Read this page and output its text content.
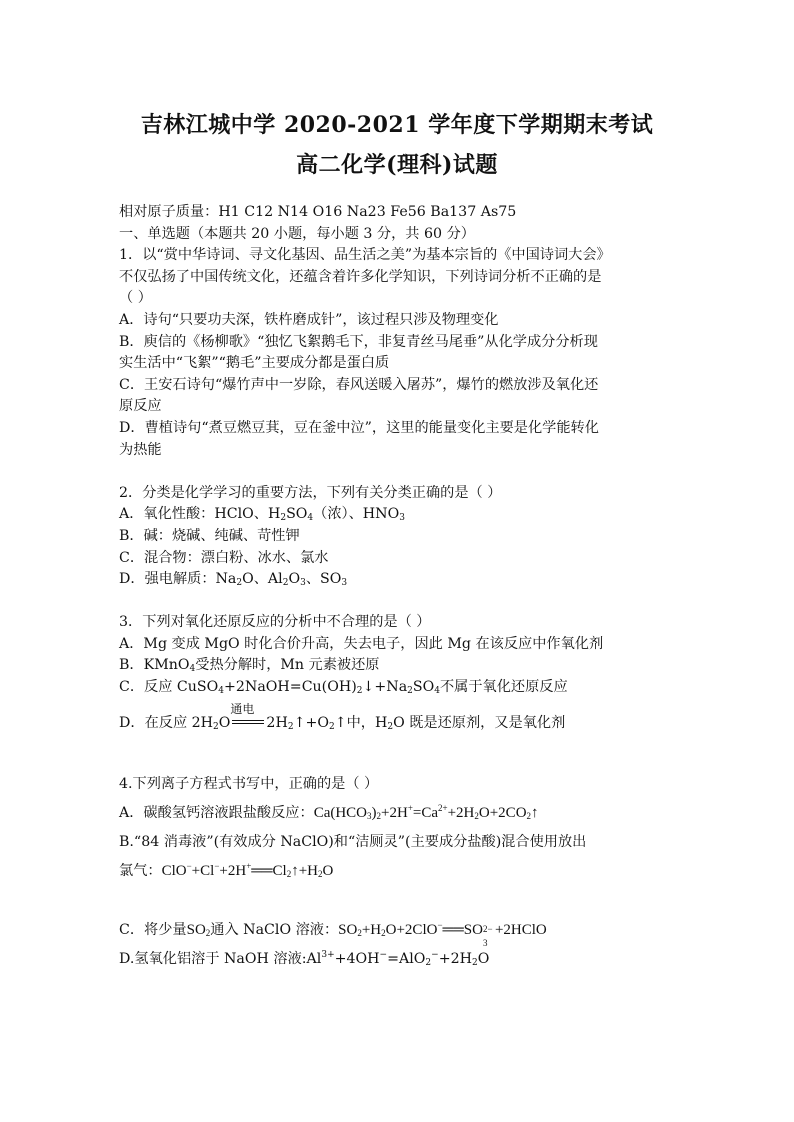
吉林江城中学 2020-2021 学年度下学期期末考试
高二化学(理科)试题
相对原子质量：H1 C12 N14 O16 Na23 Fe56 Ba137 As75
一、单选题（本题共 20 小题，每小题 3 分，共 60 分）
1．以“赏中华诗词、寻文化基因、品生活之美”为基本宗旨的《中国诗词大会》
不仅弘扬了中国传统文化，还蕴含着许多化学知识，下列诗词分析不正确的是
（ ）
A．诗句“只要功夫深，铁杵磨成针”，该过程只涉及物理变化
B．庾信的《杨柳歌》“独忆飞絮鹅毛下，非复青丝马尾垂”从化学成分分析现
实生活中“飞絮”“鹅毛”主要成分都是蛋白质
C．王安石诗句“爆竹声中一岁除，春风送暖入屠苏”，爆竹的燃放涉及氧化还
原反应
D．曹植诗句“煮豆燃豆萁，豆在釜中泣”，这里的能量变化主要是化学能转化
为热能
2．分类是化学学习的重要方法，下列有关分类正确的是（ ）
A．氧化性酸：HClO、$H_2SO_4$（浓）、$HNO_3$
B．碱：烧碱、纯碱、苛性钾
C．混合物：漂白粉、冰水、氯水
D．强电解质：$Na_2O$、$Al_2O_3$、$SO_3$
3．下列对氧化还原反应的分析中不合理的是（ ）
A．Mg 变成 MgO 时化合价升高，失去电子，因此 Mg 在该反应中作氧化剂
B．KMnO$_4$受热分解时，Mn 元素被还原
C．反应 $CuSO_4+2NaOH=Cu(OH)_2↓+Na_2SO_4$不属于氧化还原反应
D．在反应 $2H_2O$
通电
$2H_2↑+O_2↑$中，$H_2O$ 既是还原剂，又是氧化剂
4.下列离子方程式书写中，正确的是（ ）
A．碳酸氢钙溶液跟盐酸反应：$Ca(HCO_3)_2+2H^+=Ca^{2+}+2H_2O+2CO_2↑$
B.“84 消毒液”(有效成分 NaClO)和“洁厕灵”(主要成分盐酸)混合使用放出
氯气：$ClO^-+Cl^-+2H^+══Cl_2↑+H_2O$
C．将少量$SO_2$通入 NaClO 溶液：$SO_2+H_2O+2ClO^-══SO$ 2−
3
+2HClO
D.氢氧化铝溶于 NaOH 溶液$:Al^{3+}+4OH^-=AlO_2^-+2H_2O$
